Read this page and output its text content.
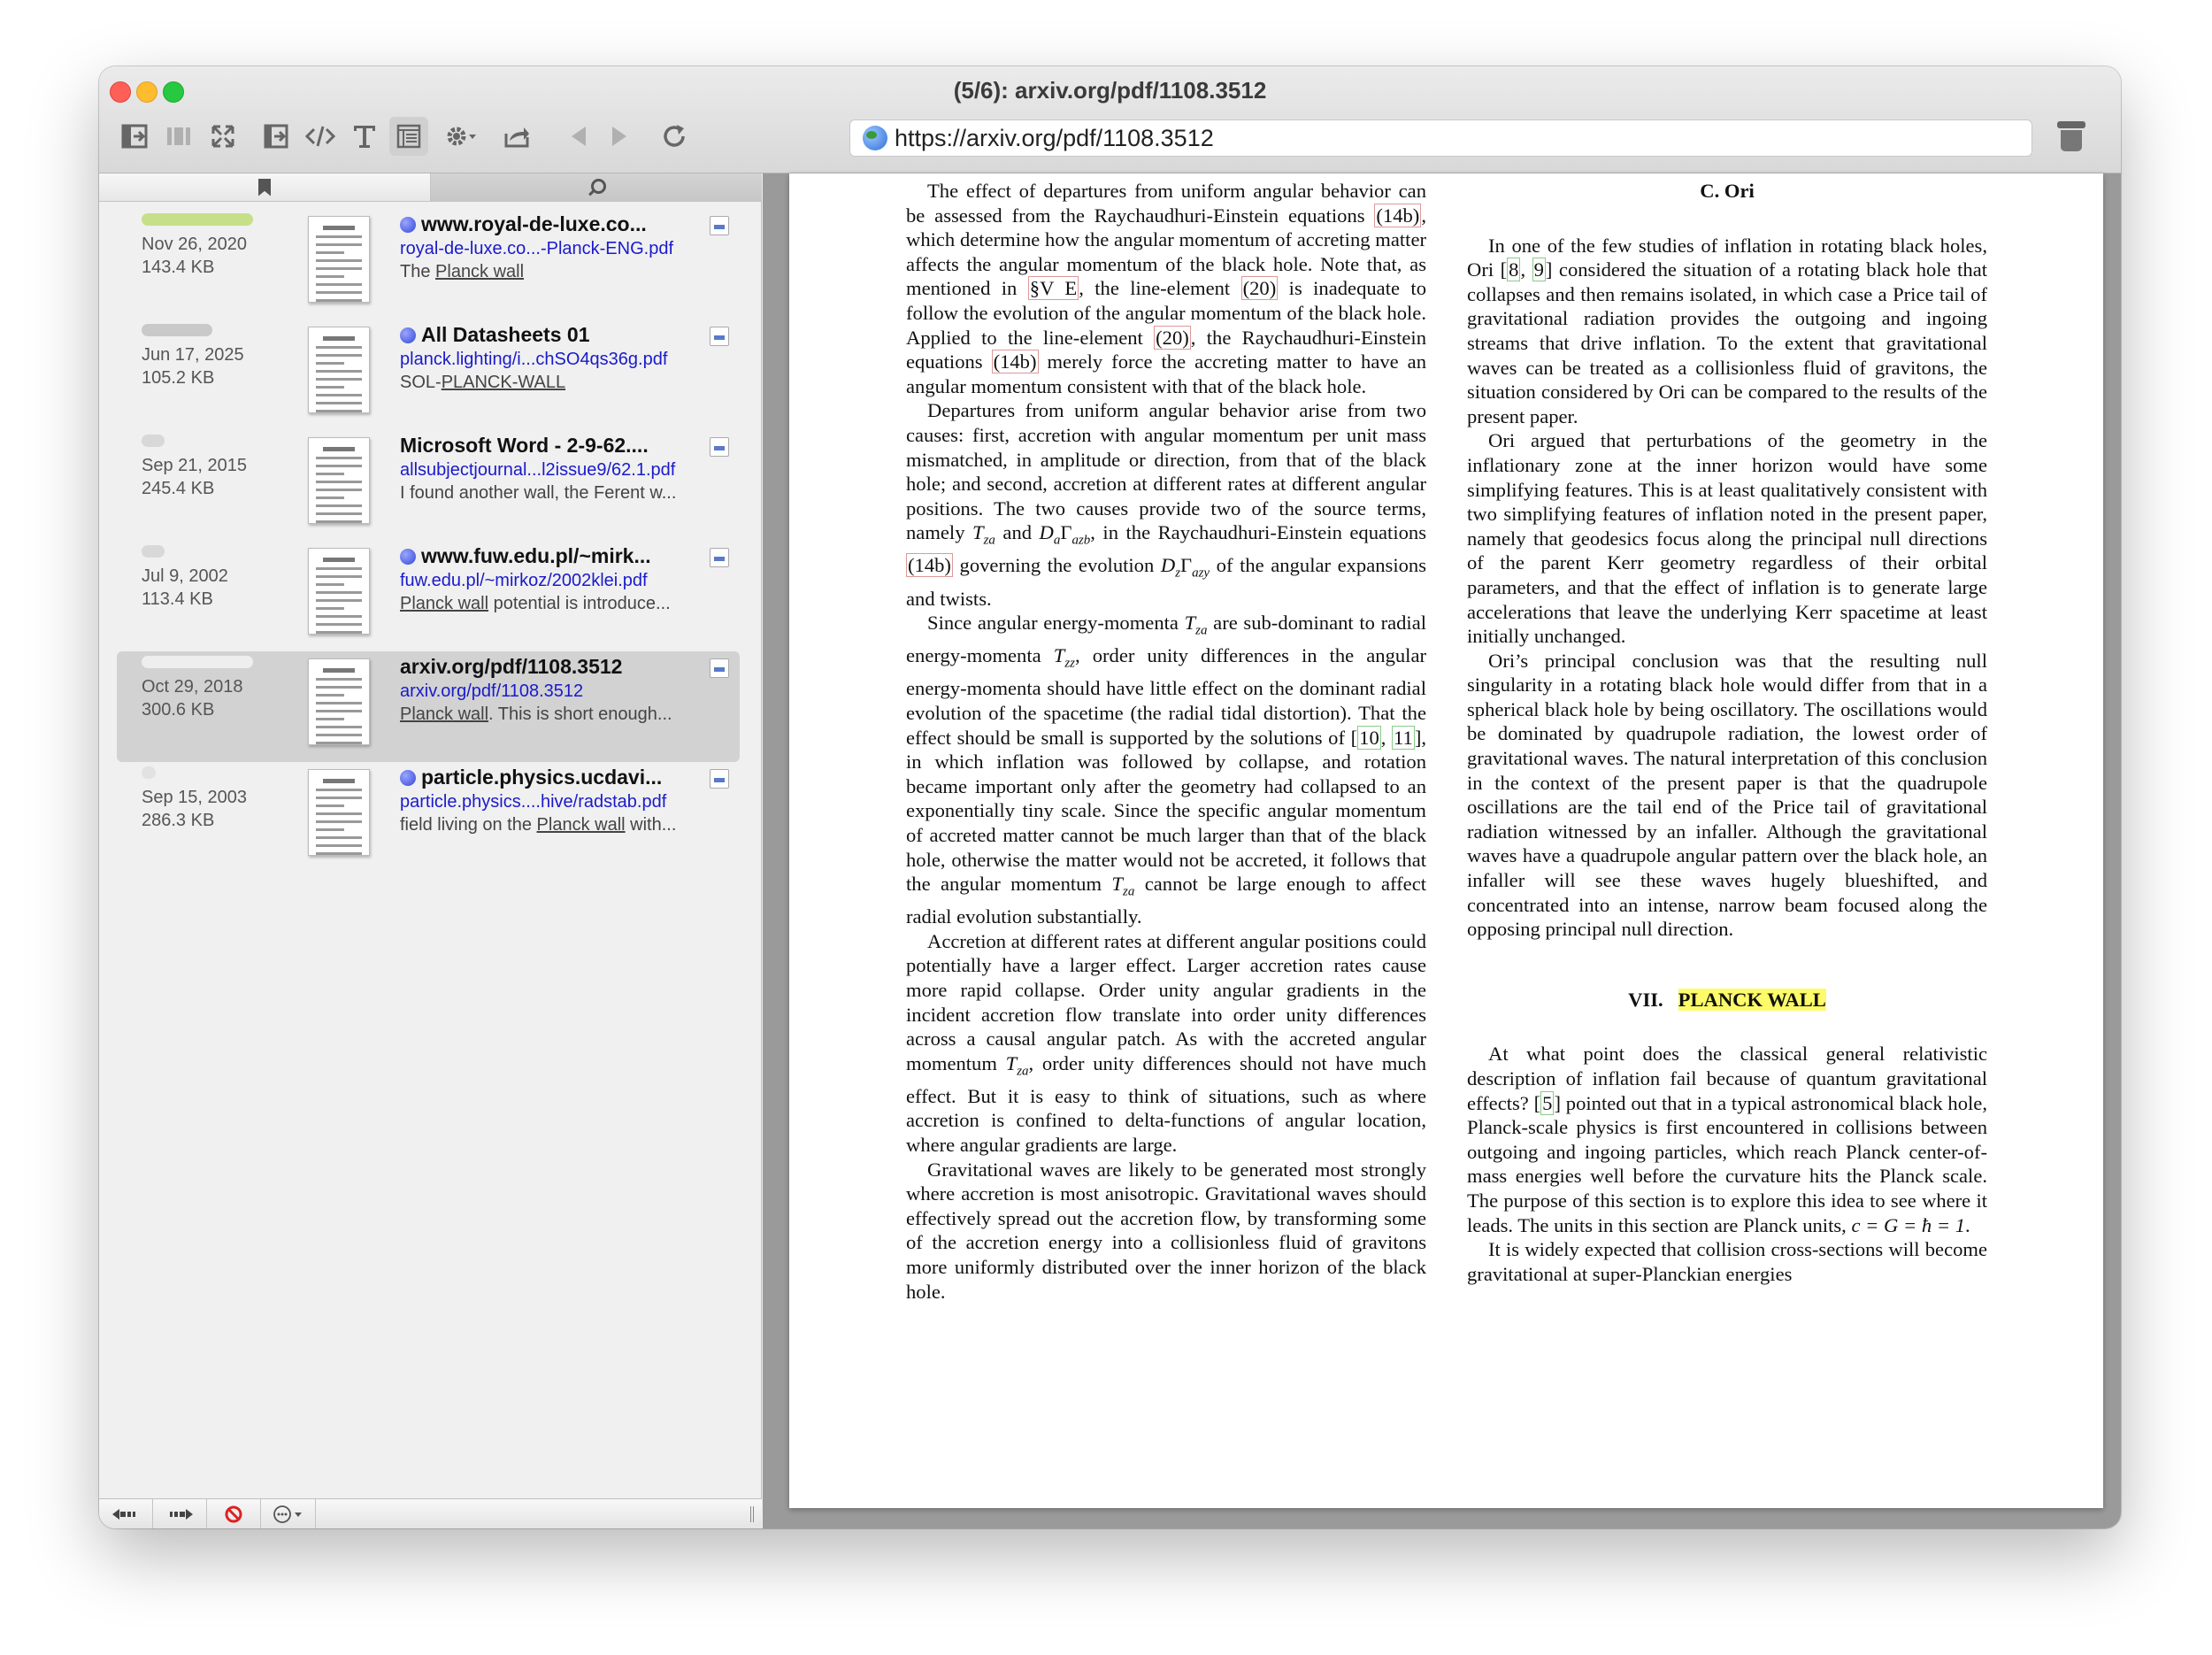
(5/6): arxiv.org/pdf/1108.3512
https://arxiv.org/pdf/1108.3512
Nov 26, 2020
143.4 KB
www.royal-de-luxe.co...
royal-de-luxe.co...-Planck-ENG.pdf
The Planck wall
Jun 17, 2025
105.2 KB
All Datasheets 01
planck.lighting/i...chSO4qs36g.pdf
SOL-PLANCK-WALL
Sep 21, 2015
245.4 KB
Microsoft Word - 2-9-62....
allsubjectjournal...l2issue9/62.1.pdf
I found another wall, the Ferent w...
Jul 9, 2002
113.4 KB
www.fuw.edu.pl/~mirk...
fuw.edu.pl/~mirkoz/2002klei.pdf
Planck wall potential is introduce...
Oct 29, 2018
300.6 KB
arxiv.org/pdf/1108.3512
arxiv.org/pdf/1108.3512
Planck wall. This is short enough...
Sep 15, 2003
286.3 KB
particle.physics.ucdavi...
particle.physics....hive/radstab.pdf
field living on the Planck wall with...

The effect of departures from uniform angular behavior can be assessed from the Raychaudhuri-Einstein equations (14b), which determine how the angular momentum of accreting matter affects the angular momentum of the black hole. Note that, as mentioned in §V E, the line-element (20) is inadequate to follow the evolution of the angular momentum of the black hole. Applied to the line-element (20), the Raychaudhuri-Einstein equations (14b) merely force the accreting matter to have an angular momentum consistent with that of the black hole.

Departures from uniform angular behavior arise from two causes: first, accretion with angular momentum per unit mass mismatched, in amplitude or direction, from that of the black hole; and second, accretion at different rates at different angular positions. The two causes provide two of the source terms, namely $T_{za}$ and $D_a\Gamma_{azb}$, in the Raychaudhuri-Einstein equations (14b) governing the evolution $D_z\Gamma_{azy}$ of the angular expansions and twists.

Since angular energy-momenta $T_{za}$ are sub-dominant to radial energy-momenta $T_{zz}$, order unity differences in the angular energy-momenta should have little effect on the dominant radial evolution of the spacetime (the radial tidal distortion). That the effect should be small is supported by the solutions of [10, 11], in which inflation was followed by collapse, and rotation became important only after the geometry had collapsed to an exponentially tiny scale. Since the specific angular momentum of accreted matter cannot be much larger than that of the black hole, otherwise the matter would not be accreted, it follows that the angular momentum $T_{za}$ cannot be large enough to affect radial evolution substantially.

Accretion at different rates at different angular positions could potentially have a larger effect. Larger accretion rates cause more rapid collapse. Order unity angular gradients in the incident accretion flow translate into order unity differences across a causal angular patch. As with the accreted angular momentum $T_{za}$, order unity differences should not have much effect. But it is easy to think of situations, such as where accretion is confined to delta-functions of angular location, where angular gradients are large.

Gravitational waves are likely to be generated most strongly where accretion is most anisotropic. Gravitational waves should effectively spread out the accretion flow, by transforming some of the accretion energy into a collisionless fluid of gravitons more uniformly distributed over the inner horizon of the black hole.

C. Ori

In one of the few studies of inflation in rotating black holes, Ori [8, 9] considered the situation of a rotating black hole that collapses and then remains isolated, in which case a Price tail of gravitational radiation provides the outgoing and ingoing streams that drive inflation. To the extent that gravitational waves can be treated as a collisionless fluid of gravitons, the situation considered by Ori can be compared to the results of the present paper.

Ori argued that perturbations of the geometry in the inflationary zone at the inner horizon would have some simplifying features. This is at least qualitatively consistent with two simplifying features of inflation noted in the present paper, namely that geodesics focus along the principal null directions of the parent Kerr geometry regardless of their orbital parameters, and that the effect of inflation is to generate large accelerations that leave the underlying Kerr spacetime at least initially unchanged.

Ori’s principal conclusion was that the resulting null singularity in a rotating black hole would differ from that in a spherical black hole by being oscillatory. The oscillations would be dominated by quadrupole radiation, the lowest order of gravitational waves. The natural interpretation of this conclusion in the context of the present paper is that the quadrupole oscillations are the tail end of the Price tail of gravitational radiation witnessed by an infaller. Although the gravitational waves have a quadrupole angular pattern over the black hole, an infaller will see these waves hugely blueshifted, and concentrated into an intense, narrow beam focused along the opposing principal null direction.

VII. PLANCK WALL

At what point does the classical general relativistic description of inflation fail because of quantum gravitational effects? [5] pointed out that in a typical astronomical black hole, Planck-scale physics is first encountered in collisions between outgoing and ingoing particles, which reach Planck center-of-mass energies well before the curvature hits the Planck scale. The purpose of this section is to explore this idea to see where it leads. The units in this section are Planck units, c = G = ħ = 1.

It is widely expected that collision cross-sections will become gravitational at super-Planckian energies
